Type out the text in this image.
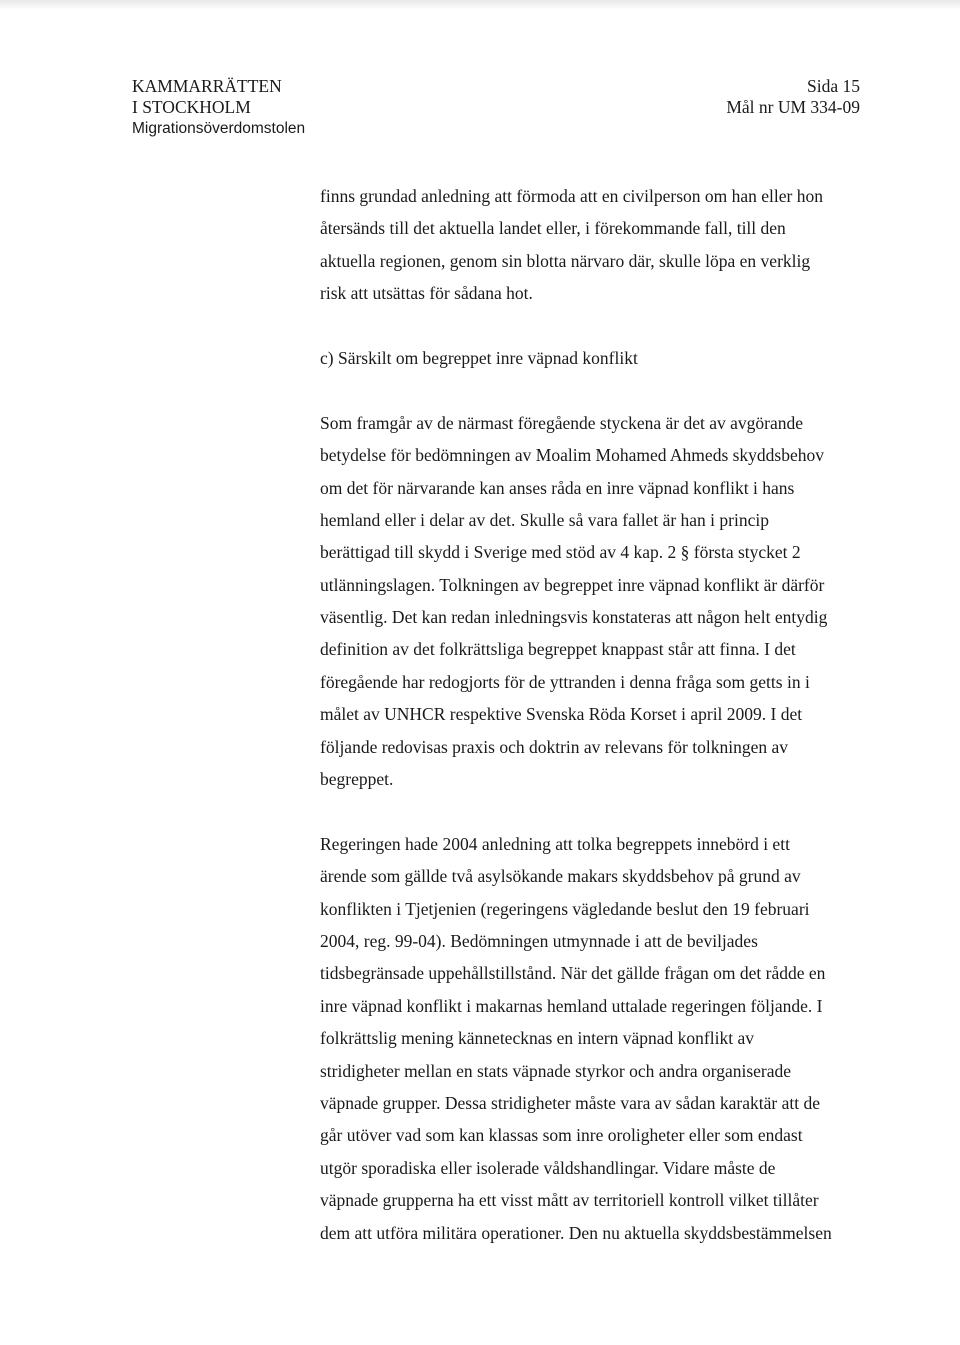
KAMMARRÄTTEN
I STOCKHOLM
Migrationsöverdomstolen
Sida 15
Mål nr UM 334-09
finns grundad anledning att förmoda att en civilperson om han eller hon
återsänds till det aktuella landet eller, i förekommande fall, till den
aktuella regionen, genom sin blotta närvaro där, skulle löpa en verklig
risk att utsättas för sådana hot.
c) Särskilt om begreppet inre väpnad konflikt
Som framgår av de närmast föregående styckena är det av avgörande
betydelse för bedömningen av Moalim Mohamed Ahmeds skyddsbehov
om det för närvarande kan anses råda en inre väpnad konflikt i hans
hemland eller i delar av det. Skulle så vara fallet är han i princip
berättigad till skydd i Sverige med stöd av 4 kap. 2 § första stycket 2
utlänningslagen. Tolkningen av begreppet inre väpnad konflikt är därför
väsentlig. Det kan redan inledningsvis konstateras att någon helt entydig
definition av det folkrättsliga begreppet knappast står att finna. I det
föregående har redogjorts för de yttranden i denna fråga som getts in i
målet av UNHCR respektive Svenska Röda Korset i april 2009. I det
följande redovisas praxis och doktrin av relevans för tolkningen av
begreppet.
Regeringen hade 2004 anledning att tolka begreppets innebörd i ett
ärende som gällde två asylsökande makars skyddsbehov på grund av
konflikten i Tjetjenien (regeringens vägledande beslut den 19 februari
2004, reg. 99-04). Bedömningen utmynnade i att de beviljades
tidsbegränsade uppehållstillstånd. När det gällde frågan om det rådde en
inre väpnad konflikt i makarnas hemland uttalade regeringen följande. I
folkrättslig mening kännetecknas en intern väpnad konflikt av
stridigheter mellan en stats väpnade styrkor och andra organiserade
väpnade grupper. Dessa stridigheter måste vara av sådan karaktär att de
går utöver vad som kan klassas som inre oroligheter eller som endast
utgör sporadiska eller isolerade våldshandlingar. Vidare måste de
väpnade grupperna ha ett visst mått av territoriell kontroll vilket tillåter
dem att utföra militära operationer. Den nu aktuella skyddsbestämmelsen
